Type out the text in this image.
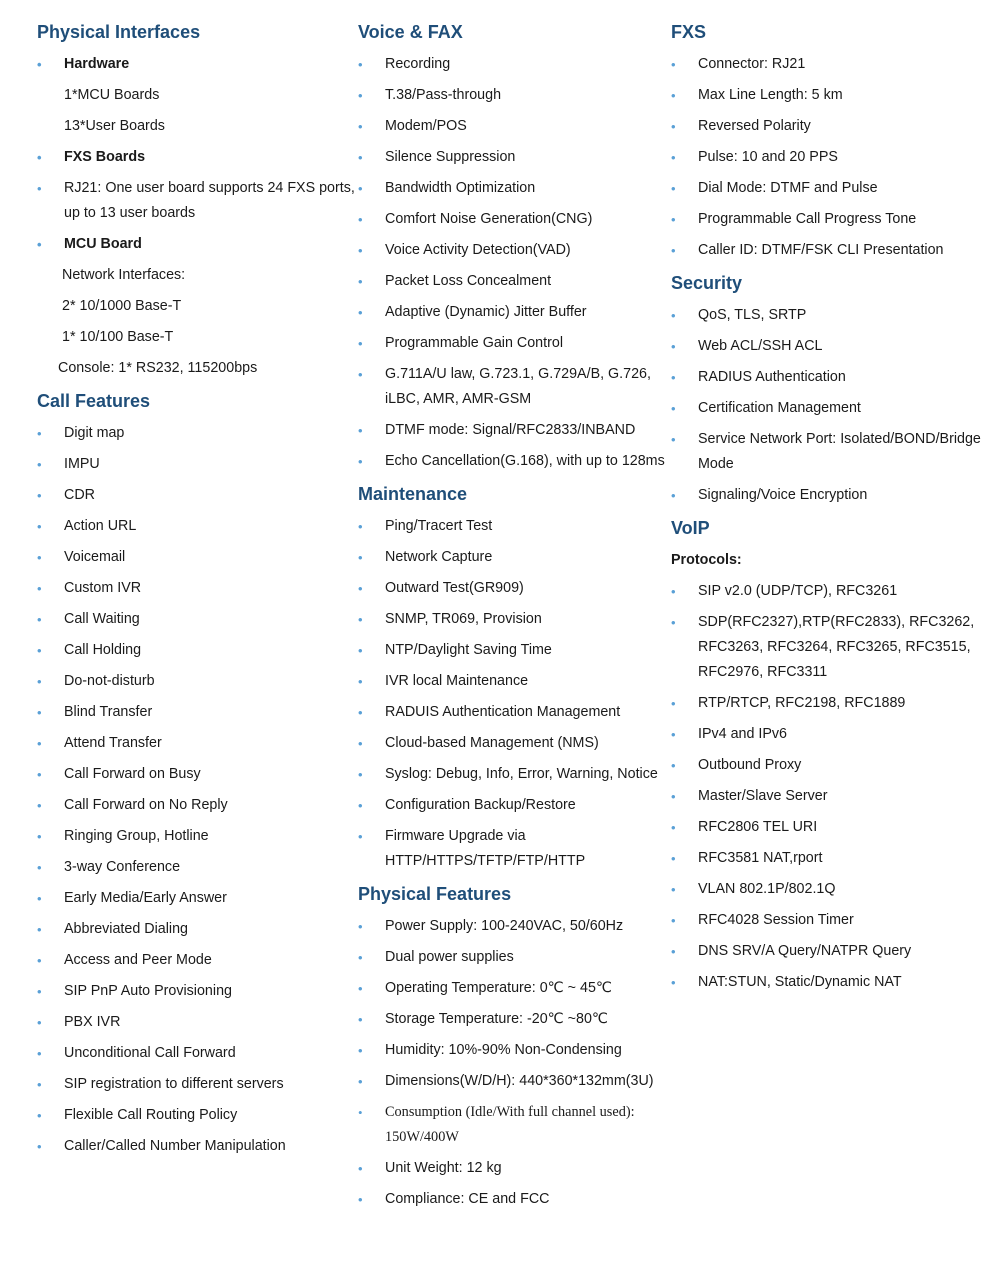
Physical Interfaces
• Hardware
1*MCU Boards
13*User Boards
• FXS Boards
• RJ21: One user board supports 24 FXS ports, up to 13 user boards
• MCU Board
Network Interfaces:
2* 10/1000 Base-T
1* 10/100 Base-T
Console: 1* RS232, 115200bps
Call Features
• Digit map
• IMPU
• CDR
• Action URL
• Voicemail
• Custom IVR
• Call Waiting
• Call Holding
• Do-not-disturb
• Blind Transfer
• Attend Transfer
• Call Forward on Busy
• Call Forward on No Reply
• Ringing Group, Hotline
• 3-way Conference
• Early Media/Early Answer
• Abbreviated Dialing
• Access and Peer Mode
• SIP PnP Auto Provisioning
• PBX IVR
• Unconditional Call Forward
• SIP registration to different servers
• Flexible Call Routing Policy
• Caller/Called Number Manipulation
Voice & FAX
• Recording
• T.38/Pass-through
• Modem/POS
• Silence Suppression
• Bandwidth Optimization
• Comfort Noise Generation(CNG)
• Voice Activity Detection(VAD)
• Packet Loss Concealment
• Adaptive (Dynamic) Jitter Buffer
• Programmable Gain Control
• G.711A/U law, G.723.1, G.729A/B, G.726, iLBC, AMR, AMR-GSM
• DTMF mode: Signal/RFC2833/INBAND
• Echo Cancellation(G.168), with up to 128ms
Maintenance
• Ping/Tracert Test
• Network Capture
• Outward Test(GR909)
• SNMP, TR069, Provision
• NTP/Daylight Saving Time
• IVR local Maintenance
• RADUIS Authentication Management
• Cloud-based Management (NMS)
• Syslog: Debug, Info, Error, Warning, Notice
• Configuration Backup/Restore
• Firmware Upgrade via HTTP/HTTPS/TFTP/FTP/HTTP
Physical Features
• Power Supply: 100-240VAC, 50/60Hz
• Dual power supplies
• Operating Temperature: 0℃ ~ 45℃
• Storage Temperature: -20℃ ~80℃
• Humidity: 10%-90% Non-Condensing
• Dimensions(W/D/H): 440*360*132mm(3U)
• Consumption (Idle/With full channel used): 150W/400W
• Unit Weight: 12 kg
• Compliance: CE and FCC
FXS
• Connector: RJ21
• Max Line Length: 5 km
• Reversed Polarity
• Pulse: 10 and 20 PPS
• Dial Mode: DTMF and Pulse
• Programmable Call Progress Tone
• Caller ID: DTMF/FSK CLI Presentation
Security
• QoS, TLS, SRTP
• Web ACL/SSH ACL
• RADIUS Authentication
• Certification Management
• Service Network Port: Isolated/BOND/Bridge Mode
• Signaling/Voice Encryption
VoIP
Protocols:
• SIP v2.0 (UDP/TCP), RFC3261
• SDP(RFC2327),RTP(RFC2833), RFC3262, RFC3263, RFC3264, RFC3265, RFC3515, RFC2976, RFC3311
• RTP/RTCP, RFC2198, RFC1889
• IPv4 and IPv6
• Outbound Proxy
• Master/Slave Server
• RFC2806 TEL URI
• RFC3581 NAT,rport
• VLAN 802.1P/802.1Q
• RFC4028 Session Timer
• DNS SRV/A Query/NATPR Query
• NAT:STUN, Static/Dynamic NAT
